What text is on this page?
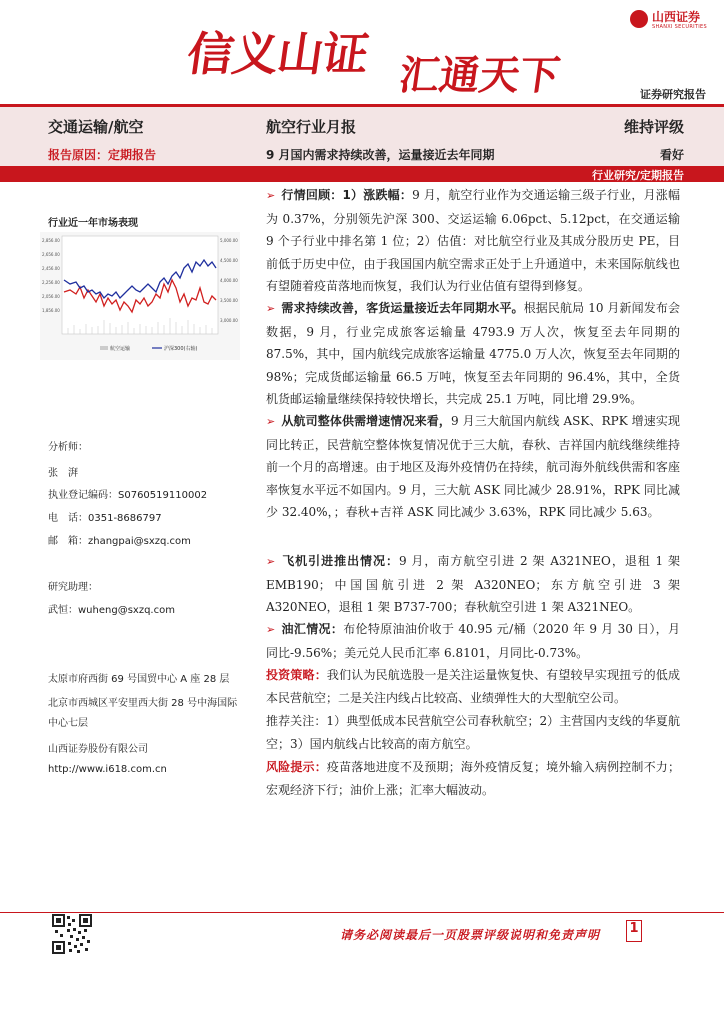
信义山证 汇通天下
山西证券
SHANXI SECURITIES
证券研究报告
交通运输/航空	航空行业月报	维持评级
报告原因：定期报告	9 月国内需求持续改善，运量接近去年同期	看好
行业研究/定期报告
行业近一年市场表现
2,856.00
2,656.00
2,456.00
2,256.00
2,056.00
1,856.00
5,000.00
4,500.00
4,000.00
3,500.00
3,000.00
航空运输	沪深300(右轴)
分析师：
张　湃
执业登记编码：S0760519110002
电　话：0351-8686797
邮　箱：zhangpai@sxzq.com
研究助理：
武恒：wuheng@sxzq.com
太原市府西街 69 号国贸中心 A 座 28 层
北京市西城区平安里西大街 28 号中海国际中心七层
山西证券股份有限公司
http://www.i618.com.cn
➢ 行情回顾：1）涨跌幅：9 月，航空行业作为交通运输三级子行业，月涨幅为 0.37%，分别领先沪深 300、交运运输 6.06pct、5.12pct，在交通运输 9 个子行业中排名第 1 位；2）估值：对比航空行业及其成分股历史 PE，目前低于历史中位，由于我国国内航空需求正处于上升通道中，未来国际航线也有望随着疫苗落地而恢复，我们认为行业估值有望得到修复。
➢ 需求持续改善，客货运量接近去年同期水平。根据民航局 10 月新闻发布会数据，9 月，行业完成旅客运输量 4793.9 万人次，恢复至去年同期的 87.5%，其中，国内航线完成旅客运输量 4775.0 万人次，恢复至去年同期的 98%；完成货邮运输量 66.5 万吨，恢复至去年同期的 96.4%，其中，全货机货邮运输量继续保持较快增长，共完成 25.1 万吨，同比增 29.9%。
➢ 从航司整体供需增速情况来看，9 月三大航国内航线 ASK、RPK 增速实现同比转正，民营航空整体恢复情况优于三大航，春秋、吉祥国内航线继续维持前一个月的高增速。由于地区及海外疫情仍在持续，航司海外航线供需和客座率恢复水平远不如国内。9 月，三大航 ASK 同比减少 28.91%，RPK 同比减少 32.40%，；春秋+吉祥 ASK 同比减少 3.63%，RPK 同比减少 5.63。
➢ 飞机引进推出情况：9 月，南方航空引进 2 架 A321NEO，退租 1 架 EMB190；中国国航引进 2 架 A320NEO；东方航空引进 3 架 A320NEO，退租 1 架 B737-700；春秋航空引进 1 架 A321NEO。
➢ 油汇情况：布伦特原油油价收于 40.95 元/桶（2020 年 9 月 30 日），月同比-9.56%；美元兑人民币汇率 6.8101，月同比-0.73%。
投资策略：我们认为民航选股一是关注运量恢复快、有望较早实现扭亏的低成本民营航空；二是关注内线占比较高、业绩弹性大的大型航空公司。
推荐关注：1）典型低成本民营航空公司春秋航空；2）主营国内支线的华夏航空；3）国内航线占比较高的南方航空。
风险提示：疫苗落地进度不及预期；海外疫情反复；境外输入病例控制不力；宏观经济下行；油价上涨；汇率大幅波动。
请务必阅读最后一页股票评级说明和免责声明 1
